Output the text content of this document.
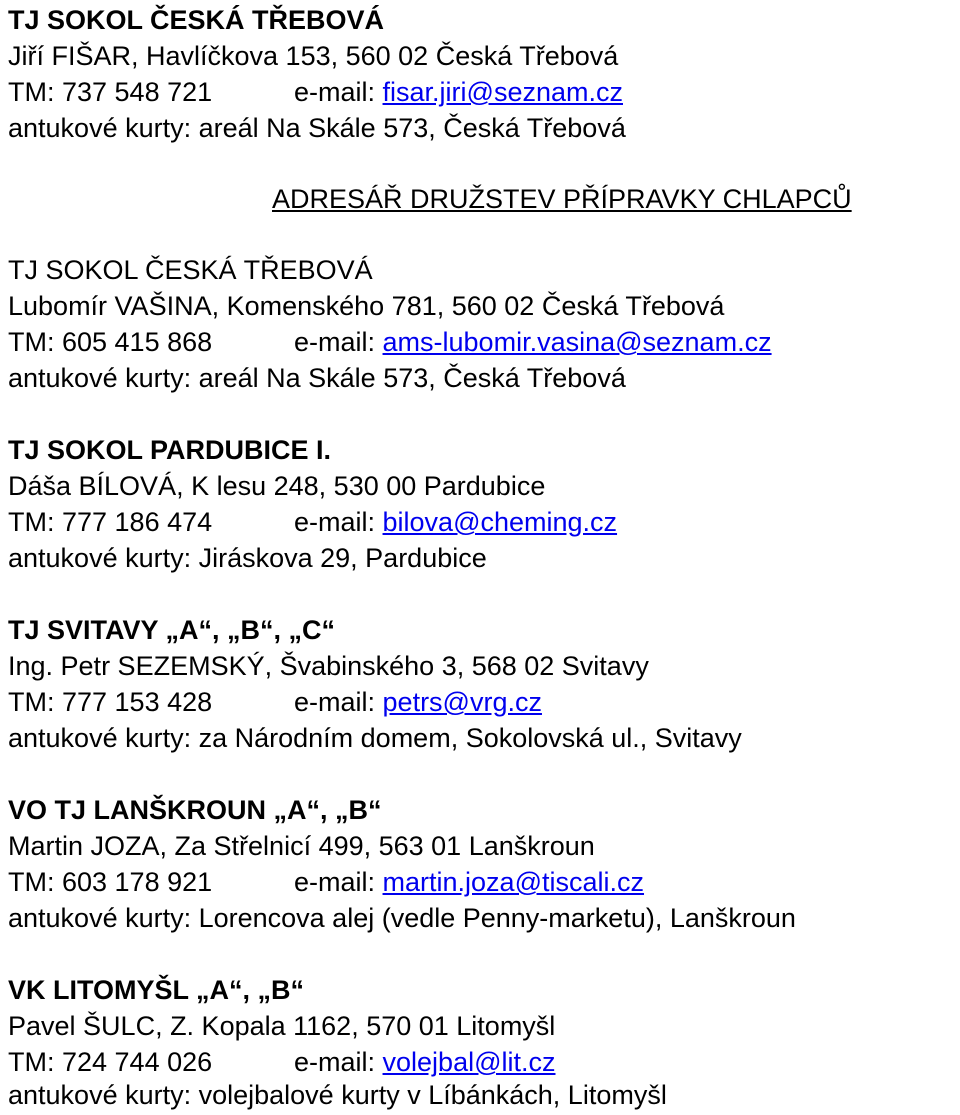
TJ SOKOL ČESKÁ TŘEBOVÁ
Jiří FIŠAR, Havlíčkova 153, 560 02 Česká Třebová
TM: 737 548 721	e-mail: fisar.jiri@seznam.cz
antukové kurty: areál Na Skále 573, Česká Třebová
ADRESÁŘ DRUŽSTEV PŘÍPRAVKY CHLAPCŮ
TJ SOKOL ČESKÁ TŘEBOVÁ
Lubomír VAŠINA, Komenského 781, 560 02 Česká Třebová
TM: 605 415 868	e-mail: ams-lubomir.vasina@seznam.cz
antukové kurty: areál Na Skále 573, Česká Třebová
TJ SOKOL PARDUBICE I.
Dáša BÍLOVÁ, K lesu 248, 530 00 Pardubice
TM: 777 186 474	e-mail: bilova@cheming.cz
antukové kurty: Jiráskova 29, Pardubice
TJ SVITAVY „A“, „B“, „C“
Ing. Petr SEZEMSKÝ, Švabinského 3, 568 02 Svitavy
TM: 777 153 428	e-mail: petrs@vrg.cz
antukové kurty: za Národním domem, Sokolovská ul., Svitavy
VO TJ LANŠKROUN „A“, „B“
Martin JOZA, Za Střelnicí 499, 563 01 Lanškroun
TM: 603 178 921	e-mail: martin.joza@tiscali.cz
antukové kurty: Lorencova alej (vedle Penny-marketu), Lanškroun
VK LITOMYŠL „A“, „B“
Pavel ŠULC, Z. Kopala 1162, 570 01 Litomyšl
TM: 724 744 026	e-mail: volejbal@lit.cz
antukové kurty: volejbalové kurty v Líbánkách, Litomyšl
